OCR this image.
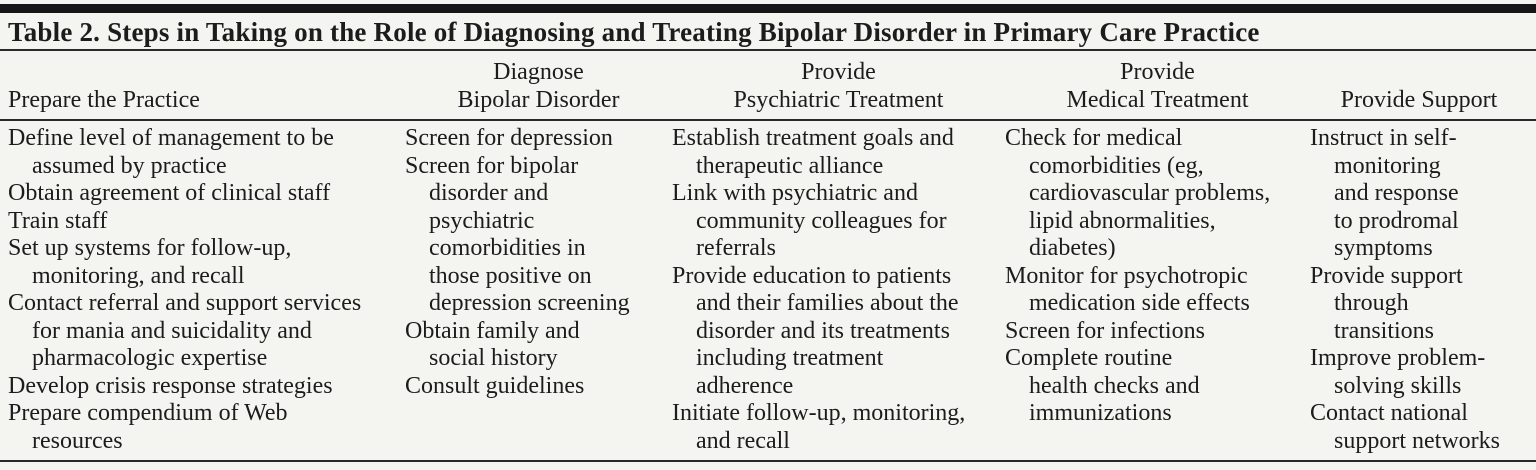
Table 2. Steps in Taking on the Role of Diagnosing and Treating Bipolar Disorder in Primary Care Practice
Prepare the Practice
Diagnose
Bipolar Disorder
Provide
Psychiatric Treatment
Provide
Medical Treatment	Provide Support
Define level of management to be
assumed by practice
Obtain agreement of clinical staff
Train staff
Set up systems for follow-up,
monitoring, and recall
Contact referral and support services
for mania and suicidality and
pharmacologic expertise
Develop crisis response strategies
Prepare compendium of Web
resources
Screen for depression
Screen for bipolar
disorder and
psychiatric
comorbidities in
those positive on
depression screening
Obtain family and
social history
Consult guidelines
Establish treatment goals and
therapeutic alliance
Link with psychiatric and
community colleagues for
referrals
Provide education to patients
and their families about the
disorder and its treatments
including treatment
adherence
Initiate follow-up, monitoring,
and recall
Check for medical
comorbidities (eg,
cardiovascular problems,
lipid abnormalities,
diabetes)
Monitor for psychotropic
medication side effects
Screen for infections
Complete routine
health checks and
immunizations
Instruct in self-
monitoring
and response
to prodromal
symptoms
Provide support
through
transitions
Improve problem-
solving skills
Contact national
support networks
